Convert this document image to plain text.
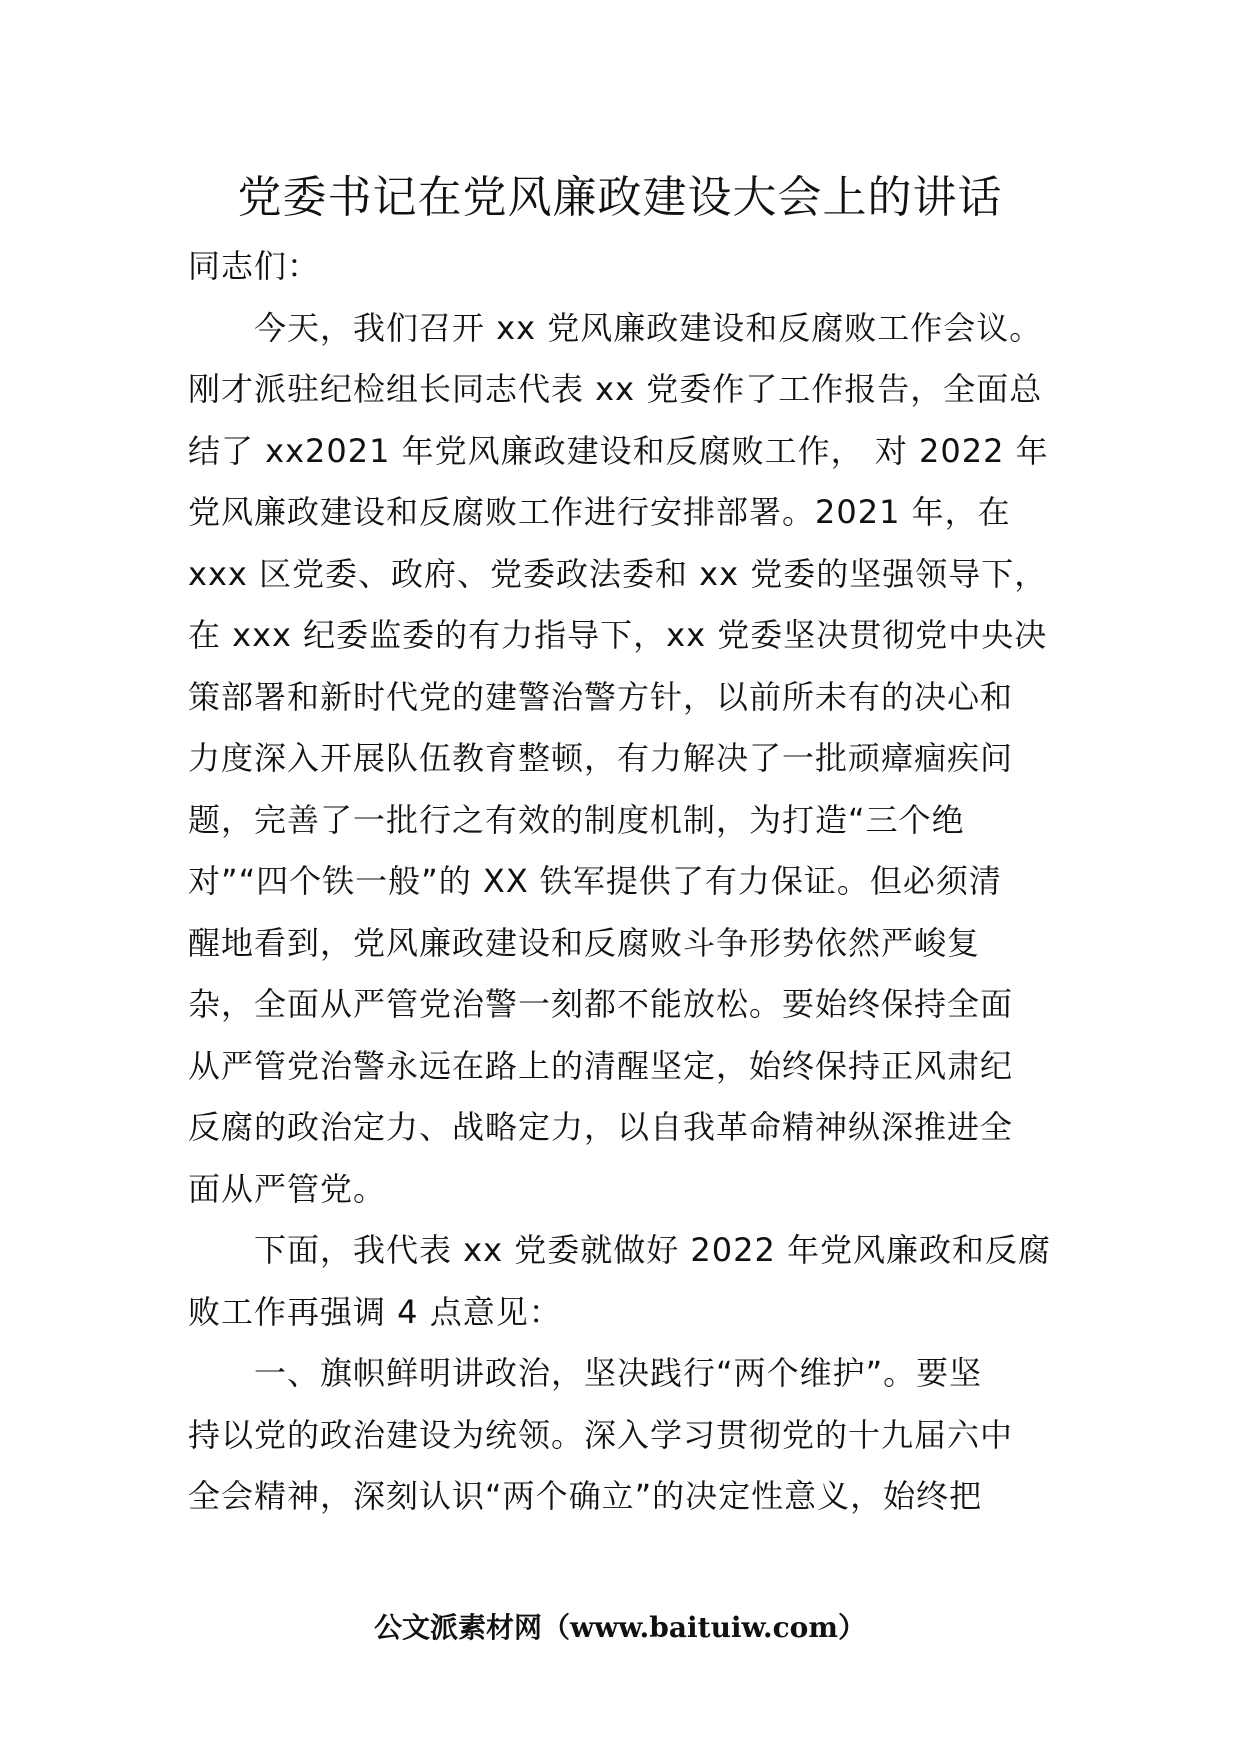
党委书记在党风廉政建设大会上的讲话
同志们：
今天，我们召开 xx 党风廉政建设和反腐败工作会议。
刚才派驻纪检组长同志代表 xx 党委作了工作报告，全面总
结了 xx2021 年党风廉政建设和反腐败工作， 对 2022 年
党风廉政建设和反腐败工作进行安排部署。2021 年，在
xxx 区党委、政府、党委政法委和 xx 党委的坚强领导下，
在 xxx 纪委监委的有力指导下，xx 党委坚决贯彻党中央决
策部署和新时代党的建警治警方针，以前所未有的决心和
力度深入开展队伍教育整顿，有力解决了一批顽瘴痼疾问
题，完善了一批行之有效的制度机制，为打造“三个绝
对”“四个铁一般”的 XX 铁军提供了有力保证。但必须清
醒地看到，党风廉政建设和反腐败斗争形势依然严峻复
杂，全面从严管党治警一刻都不能放松。要始终保持全面
从严管党治警永远在路上的清醒坚定，始终保持正风肃纪
反腐的政治定力、战略定力，以自我革命精神纵深推进全
面从严管党。
下面，我代表 xx 党委就做好 2022 年党风廉政和反腐
败工作再强调 4 点意见：
一、旗帜鲜明讲政治，坚决践行“两个维护”。要坚
持以党的政治建设为统领。深入学习贯彻党的十九届六中
全会精神，深刻认识“两个确立”的决定性意义，始终把
公文派素材网（www.baituiw.com）
